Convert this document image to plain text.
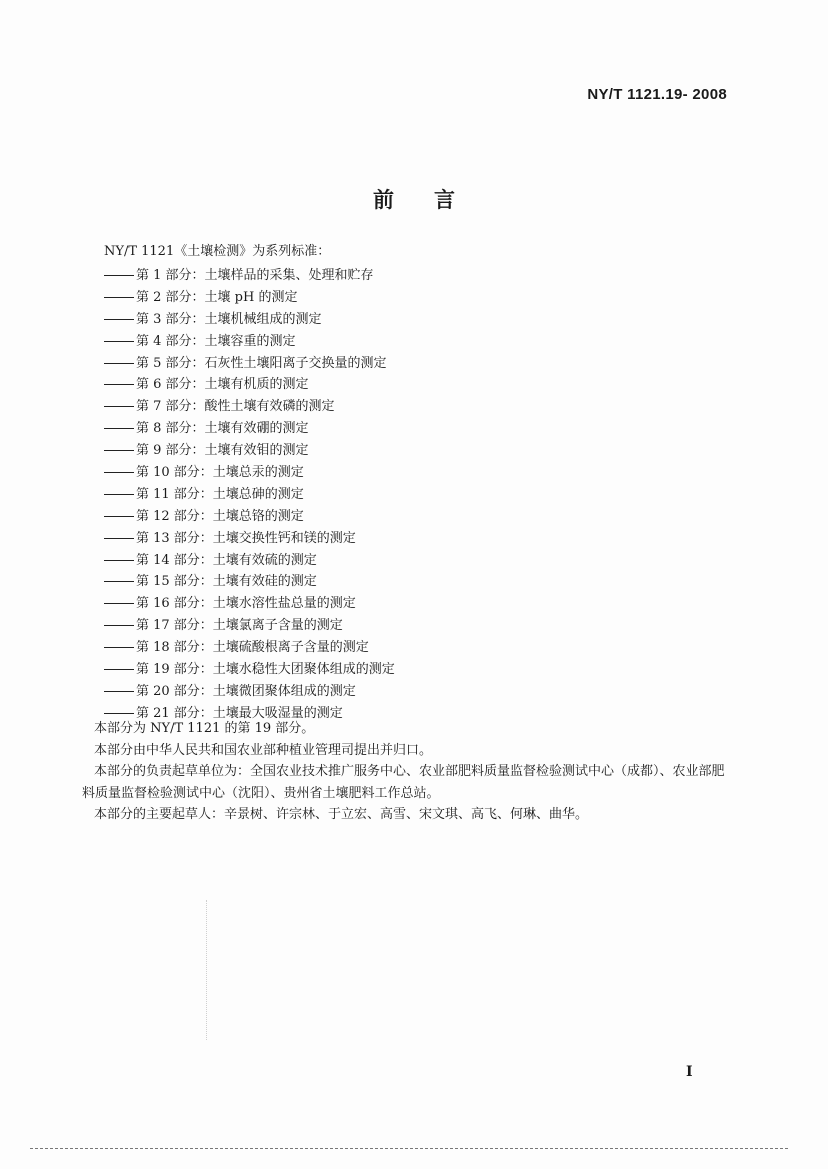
NY/T 1121.19- 2008
前言
NY/T 1121《土壤检测》为系列标准：
第 1 部分：土壤样品的采集、处理和贮存
第 2 部分：土壤 pH 的测定
第 3 部分：土壤机械组成的测定
第 4 部分：土壤容重的测定
第 5 部分：石灰性土壤阳离子交换量的测定
第 6 部分：土壤有机质的测定
第 7 部分：酸性土壤有效磷的测定
第 8 部分：土壤有效硼的测定
第 9 部分：土壤有效钼的测定
第 10 部分：土壤总汞的测定
第 11 部分：土壤总砷的测定
第 12 部分：土壤总铬的测定
第 13 部分：土壤交换性钙和镁的测定
第 14 部分：土壤有效硫的测定
第 15 部分：土壤有效硅的测定
第 16 部分：土壤水溶性盐总量的测定
第 17 部分：土壤氯离子含量的测定
第 18 部分：土壤硫酸根离子含量的测定
第 19 部分：土壤水稳性大团聚体组成的测定
第 20 部分：土壤微团聚体组成的测定
第 21 部分：土壤最大吸湿量的测定

本部分为 NY/T 1121 的第 19 部分。

本部分由中华人民共和国农业部种植业管理司提出并归口。

本部分的负责起草单位为：全国农业技术推广服务中心、农业部肥料质量监督检验测试中心（成都）、农业部肥料质量监督检验测试中心（沈阳）、贵州省土壤肥料工作总站。

本部分的主要起草人：辛景树、许宗林、于立宏、高雪、宋文琪、高飞、何琳、曲华。

I
